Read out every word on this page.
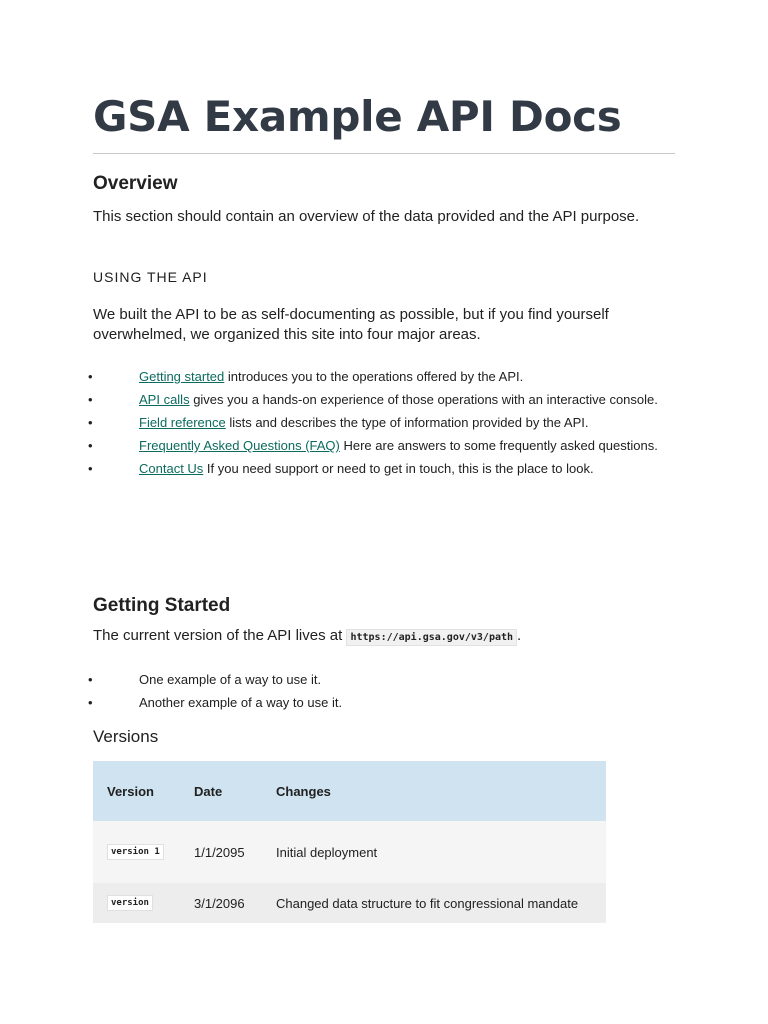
GSA Example API Docs
Overview

This section should contain an overview of the data provided and the API purpose.

USING THE API

We built the API to be as self-documenting as possible, but if you find yourself overwhelmed, we organized this site into four major areas.

•	Getting started introduces you to the operations offered by the API.
•	API calls gives you a hands-on experience of those operations with an interactive console.
•	Field reference lists and describes the type of information provided by the API.
•	Frequently Asked Questions (FAQ) Here are answers to some frequently asked questions.
•	Contact Us If you need support or need to get in touch, this is the place to look.
Getting Started

The current version of the API lives at https://api.gsa.gov/v3/path .

•	One example of a way to use it.
•	Another example of a way to use it.
Versions
Version	Date	Changes
version 1	1/1/2095	Initial deployment
version	3/1/2096	Changed data structure to fit congressional mandate
